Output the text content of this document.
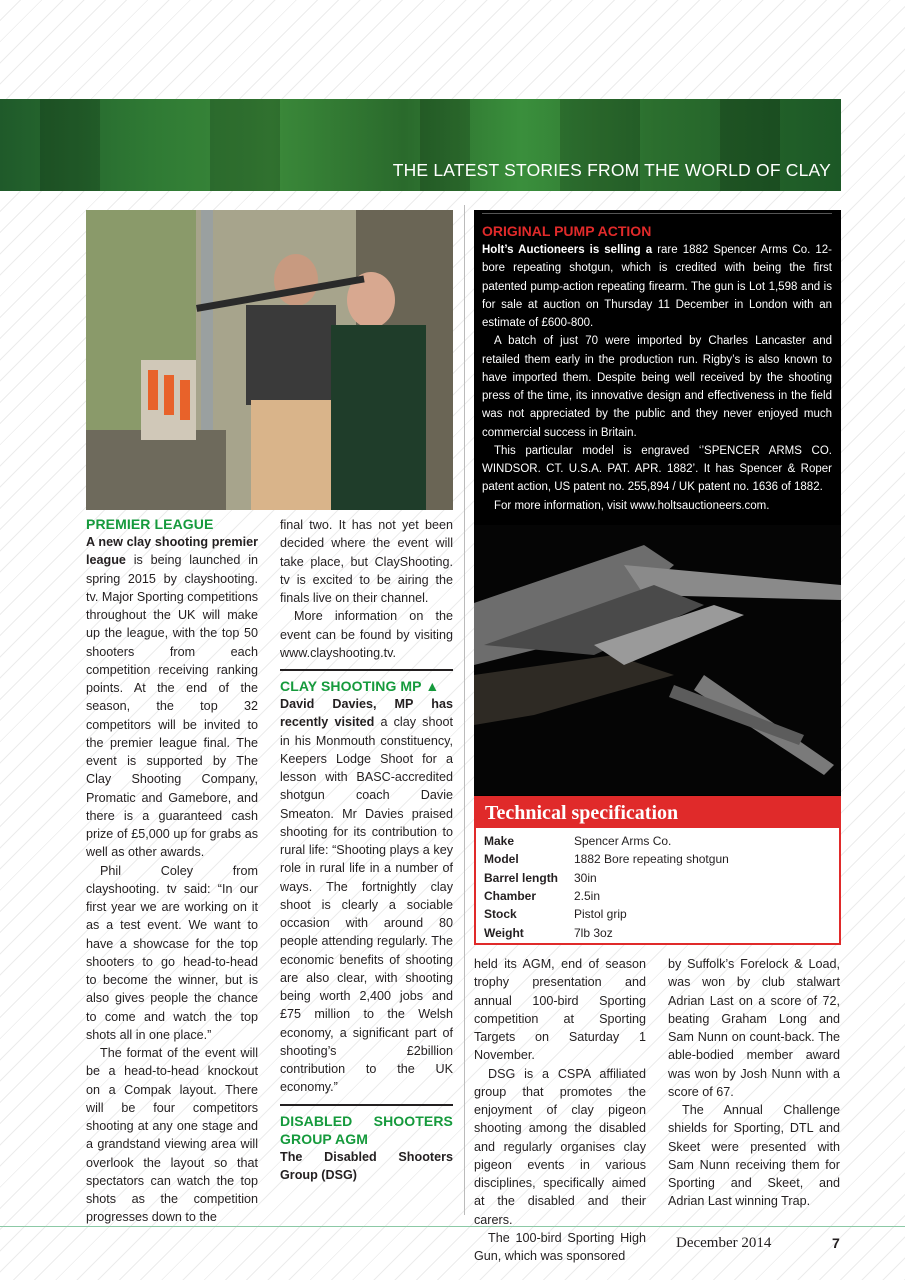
THE LATEST STORIES FROM THE WORLD OF CLAY
PREMIER LEAGUE

A new clay shooting premier league is being launched in spring 2015 by clayshooting. tv. Major Sporting competitions throughout the UK will make up the league, with the top 50 shooters from each competition receiving ranking points. At the end of the season, the top 32 competitors will be invited to the premier league final. The event is supported by The Clay Shooting Company, Promatic and Gamebore, and there is a guaranteed cash prize of £5,000 up for grabs as well as other awards.

Phil Coley from clayshooting. tv said: “In our first year we are working on it as a test event. We want to have a showcase for the top shooters to go head-to-head to become the winner, but is also gives people the chance to come and watch the top shots all in one place.”

The format of the event will be a head-to-head knockout on a Compak layout. There will be four competitors shooting at any one stage and a grandstand viewing area will overlook the layout so that spectators can watch the top shots as the competition progresses down to the

final two. It has not yet been decided where the event will take place, but ClayShooting. tv is excited to be airing the finals live on their channel.

More information on the event can be found by visiting www.clayshooting.tv.

CLAY SHOOTING MP ▲

David Davies, MP has recently visited a clay shoot in his Monmouth constituency, Keepers Lodge Shoot for a lesson with BASC-accredited shotgun coach Davie Smeaton. Mr Davies praised shooting for its contribution to rural life: “Shooting plays a key role in rural life in a number of ways. The fortnightly clay shoot is clearly a sociable occasion with around 80 people attending regularly. The economic benefits of shooting are also clear, with shooting being worth 2,400 jobs and £75 million to the Welsh economy, a significant part of shooting’s £2billion contribution to the UK economy.”

DISABLED SHOOTERS GROUP AGM

The Disabled Shooters Group (DSG)

ORIGINAL PUMP ACTION

Holt’s Auctioneers is selling a rare 1882 Spencer Arms Co. 12-bore repeating shotgun, which is credited with being the first patented pump-action repeating firearm. The gun is Lot 1,598 and is for sale at auction on Thursday 11 December in London with an estimate of £600-800.

A batch of just 70 were imported by Charles Lancaster and retailed them early in the production run. Rigby’s is also known to have imported them. Despite being well received by the shooting press of the time, its innovative design and effectiveness in the field was not appreciated by the public and they never enjoyed much commercial success in Britain.

This particular model is engraved ‘’SPENCER ARMS CO. WINDSOR. CT. U.S.A. PAT. APR. 1882’. It has Spencer & Roper patent action, US patent no. 255,894 / UK patent no. 1636 of 1882.

For more information, visit www.holtsauctioneers.com.

Technical specification
Make	Spencer Arms Co.
Model	1882 Bore repeating shotgun
Barrel length	30in
Chamber	2.5in
Stock	Pistol grip
Weight	7lb 3oz

held its AGM, end of season trophy presentation and annual 100-bird Sporting competition at Sporting Targets on Saturday 1 November.

DSG is a CSPA affiliated group that promotes the enjoyment of clay pigeon shooting among the disabled and regularly organises clay pigeon events in various disciplines, specifically aimed at the disabled and their carers.

The 100-bird Sporting High Gun, which was sponsored

by Suffolk’s Forelock & Load, was won by club stalwart Adrian Last on a score of 72, beating Graham Long and Sam Nunn on count-back. The able-bodied member award was won by Josh Nunn with a score of 67.

The Annual Challenge shields for Sporting, DTL and Skeet were presented with Sam Nunn receiving them for Sporting and Skeet, and Adrian Last winning Trap.

December 2014	7
